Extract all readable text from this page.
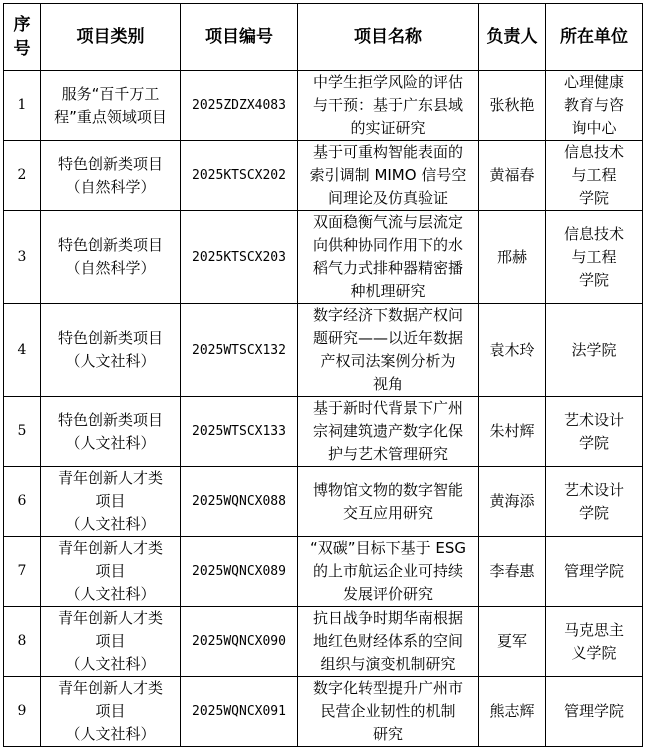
序
号	项目类别	项目编号	项目名称	负责人	所在单位
1	服务“百千万工
程”重点领域项目	2025ZDZX4083	中学生拒学风险的评估
与干预：基于广东县域
的实证研究	张秋艳	心理健康
教育与咨
询中心
2	特色创新类项目
（自然科学）	2025KTSCX202	基于可重构智能表面的
索引调制 MIMO 信号空
间理论及仿真验证	黄福春	信息技术
与工程
学院
3	特色创新类项目
（自然科学）	2025KTSCX203	双面稳衡气流与层流定
向供种协同作用下的水
稻气力式排种器精密播
种机理研究	邢赫	信息技术
与工程
学院
4	特色创新类项目
（人文社科）	2025WTSCX132	数字经济下数据产权问
题研究——以近年数据
产权司法案例分析为
视角	袁木玲	法学院
5	特色创新类项目
（人文社科）	2025WTSCX133	基于新时代背景下广州
宗祠建筑遗产数字化保
护与艺术管理研究	朱村辉	艺术设计
学院
6	青年创新人才类
项目
（人文社科）	2025WQNCX088	博物馆文物的数字智能
交互应用研究	黄海添	艺术设计
学院
7	青年创新人才类
项目
（人文社科）	2025WQNCX089	“双碳”目标下基于 ESG
的上市航运企业可持续
发展评价研究	李春惠	管理学院
8	青年创新人才类
项目
（人文社科）	2025WQNCX090	抗日战争时期华南根据
地红色财经体系的空间
组织与演变机制研究	夏军	马克思主
义学院
9	青年创新人才类
项目
（人文社科）	2025WQNCX091	数字化转型提升广州市
民营企业韧性的机制
研究	熊志辉	管理学院
